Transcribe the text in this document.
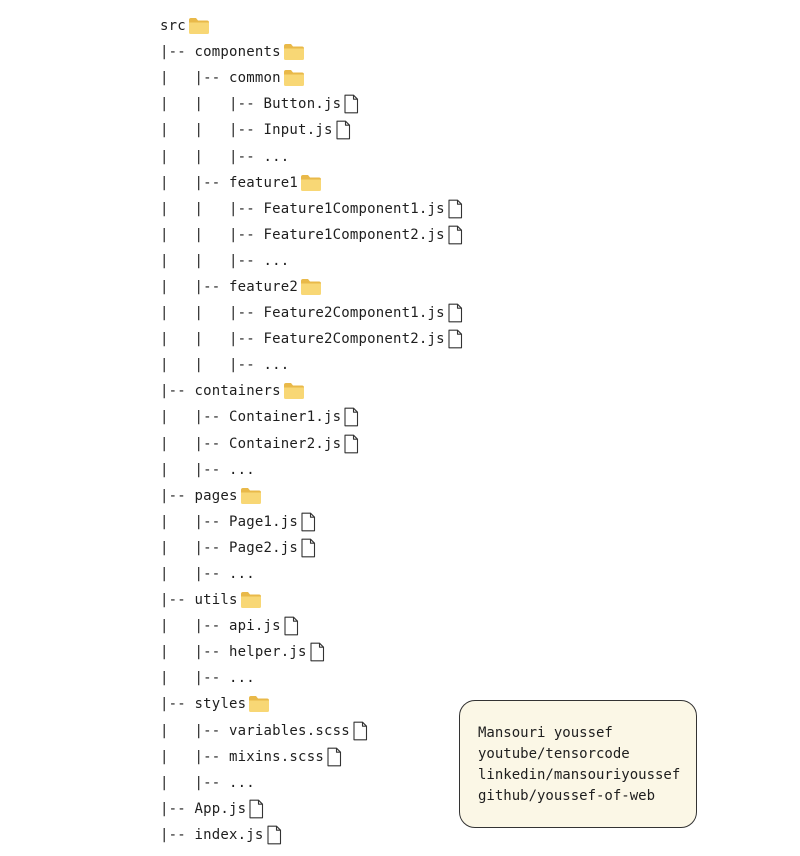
src
|-- components
|   |-- common
|   |   |-- Button.js
|   |   |-- Input.js
|   |   |-- ...
|   |-- feature1
|   |   |-- Feature1Component1.js
|   |   |-- Feature1Component2.js
|   |   |-- ...
|   |-- feature2
|   |   |-- Feature2Component1.js
|   |   |-- Feature2Component2.js
|   |   |-- ...
|-- containers
|   |-- Container1.js
|   |-- Container2.js
|   |-- ...
|-- pages
|   |-- Page1.js
|   |-- Page2.js
|   |-- ...
|-- utils
|   |-- api.js
|   |-- helper.js
|   |-- ...
|-- styles
|   |-- variables.scss
|   |-- mixins.scss
|   |-- ...
|-- App.js
|-- index.js
Mansouri youssef
youtube/tensorcode
linkedin/mansouriyoussef
github/youssef-of-web
